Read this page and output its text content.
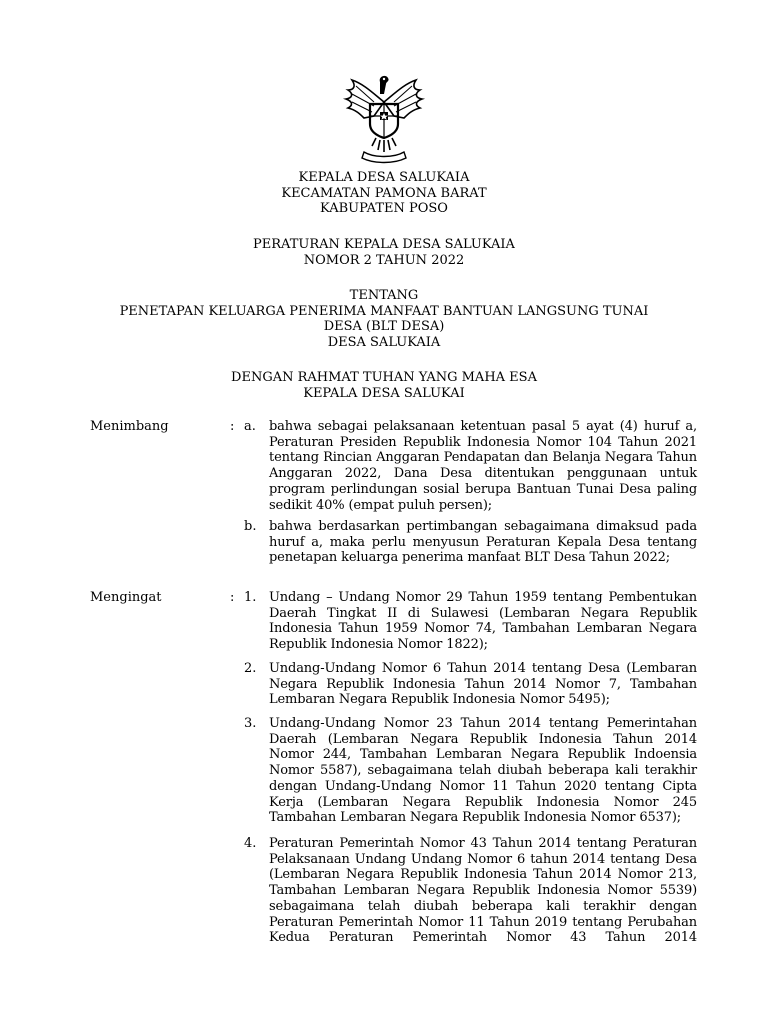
KEPALA DESA SALUKAIA
KECAMATAN PAMONA BARAT
KABUPATEN POSO
PERATURAN KEPALA DESA SALUKAIA
NOMOR 2 TAHUN 2022
TENTANG
PENETAPAN KELUARGA PENERIMA MANFAAT BANTUAN LANGSUNG TUNAI
DESA (BLT DESA)
DESA SALUKAIA
DENGAN RAHMAT TUHAN YANG MAHA ESA
KEPALA DESA SALUKAI
Menimbang	: a.	bahwa sebagai pelaksanaan ketentuan pasal 5 ayat (4) huruf a, Peraturan Presiden Republik Indonesia Nomor 104 Tahun 2021 tentang Rincian Anggaran Pendapatan dan Belanja Negara Tahun Anggaran 2022, Dana Desa ditentukan penggunaan untuk program perlindungan sosial berupa Bantuan Tunai Desa paling sedikit 40% (empat puluh persen);
b. bahwa berdasarkan pertimbangan sebagaimana dimaksud pada huruf a, maka perlu menyusun Peraturan Kepala Desa tentang penetapan keluarga penerima manfaat BLT Desa Tahun 2022;
Mengingat	: 1. Undang – Undang Nomor 29 Tahun 1959 tentang Pembentukan Daerah Tingkat II di Sulawesi (Lembaran Negara Republik Indonesia Tahun 1959 Nomor 74, Tambahan Lembaran Negara Republik Indonesia Nomor 1822);
2. Undang-Undang Nomor 6 Tahun 2014 tentang Desa (Lembaran Negara Republik Indonesia Tahun 2014 Nomor 7, Tambahan Lembaran Negara Republik Indonesia Nomor 5495);
3. Undang-Undang Nomor 23 Tahun 2014 tentang Pemerintahan Daerah (Lembaran Negara Republik Indonesia Tahun 2014 Nomor 244, Tambahan Lembaran Negara Republik Indoensia Nomor 5587), sebagaimana telah diubah beberapa kali terakhir dengan Undang-Undang Nomor 11 Tahun 2020 tentang Cipta Kerja (Lembaran Negara Republik Indonesia Nomor 245 Tambahan Lembaran Negara Republik Indonesia Nomor 6537);
4. Peraturan Pemerintah Nomor 43 Tahun 2014 tentang Peraturan Pelaksanaan Undang Undang Nomor 6 tahun 2014 tentang Desa (Lembaran Negara Republik Indonesia Tahun 2014 Nomor 213, Tambahan Lembaran Negara Republik Indonesia Nomor 5539) sebagaimana telah diubah beberapa kali terakhir dengan Peraturan Pemerintah Nomor 11 Tahun 2019 tentang Perubahan Kedua Peraturan Pemerintah Nomor 43 Tahun 2014
